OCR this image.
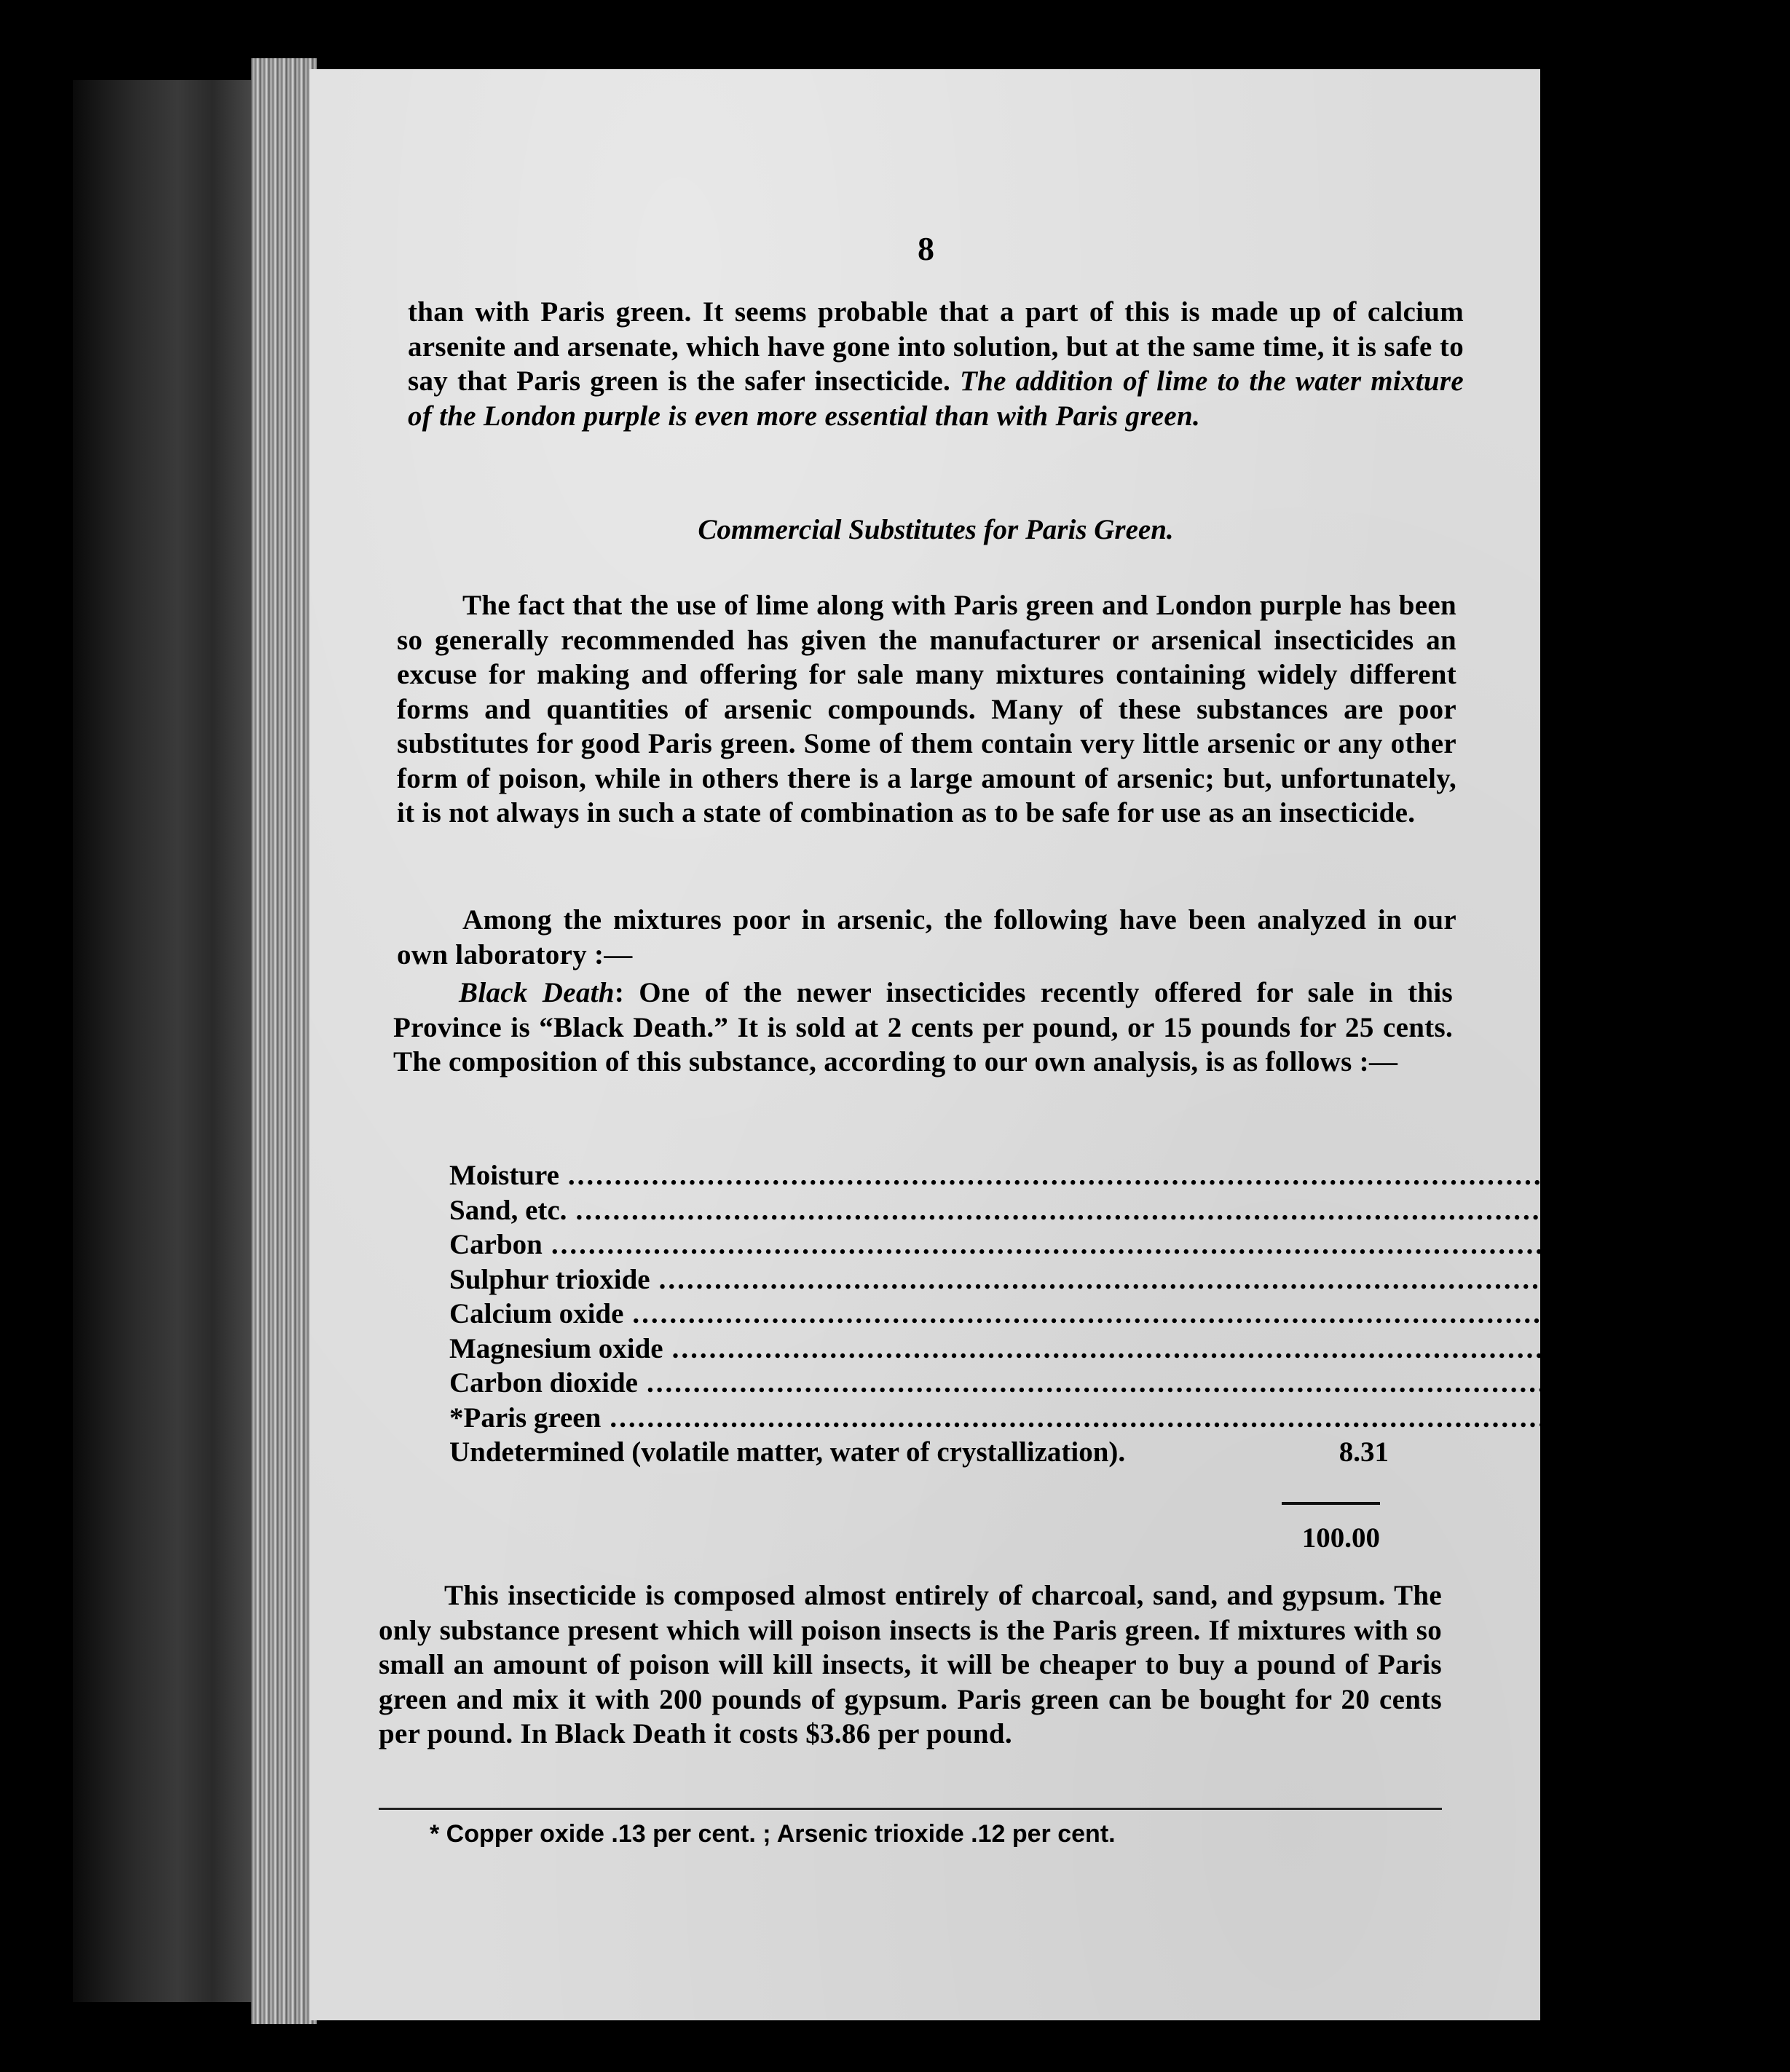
8
than with Paris green. It seems probable that a part of this is made up of calcium arsenite and arsenate, which have gone into solution, but at the same time, it is safe to say that Paris green is the safer insecticide. The addition of lime to the water mixture of the London purple is even more essential than with Paris green.
Commercial Substitutes for Paris Green.
The fact that the use of lime along with Paris green and London purple has been so generally recommended has given the manufacturer or arsenical insecticides an excuse for making and offering for sale many mixtures containing widely different forms and quantities of arsenic compounds. Many of these substances are poor substitutes for good Paris green. Some of them contain very little arsenic or any other form of poison, while in others there is a large amount of arsenic; but, unfortunately, it is not always in such a state of combination as to be safe for use as an insecticide.
Among the mixtures poor in arsenic, the following have been analyzed in our own laboratory :—
Black Death: One of the newer insecticides recently offered for sale in this Province is “Black Death.” It is sold at 2 cents per pound, or 15 pounds for 25 cents. The composition of this substance, according to our own analysis, is as follows :—
Moisture .................................................................................................................. 10.42
Sand, etc. .................................................................................................................. 6.37
Carbon .................................................................................................................. 17.39
Sulphur trioxide .................................................................................................................. 23.72
Calcium oxide .................................................................................................................. 23.30
Magnesium oxide .................................................................................................................. 2.16
Carbon dioxide .................................................................................................................. 7.90
*Paris green .................................................................................................................. 0.43
Undetermined (volatile matter, water of crystallization).	8.31
100.00
This insecticide is composed almost entirely of charcoal, sand, and gypsum. The only substance present which will poison insects is the Paris green. If mixtures with so small an amount of poison will kill insects, it will be cheaper to buy a pound of Paris green and mix it with 200 pounds of gypsum. Paris green can be bought for 20 cents per pound. In Black Death it costs $3.86 per pound.
* Copper oxide .13 per cent. ; Arsenic trioxide .12 per cent.
